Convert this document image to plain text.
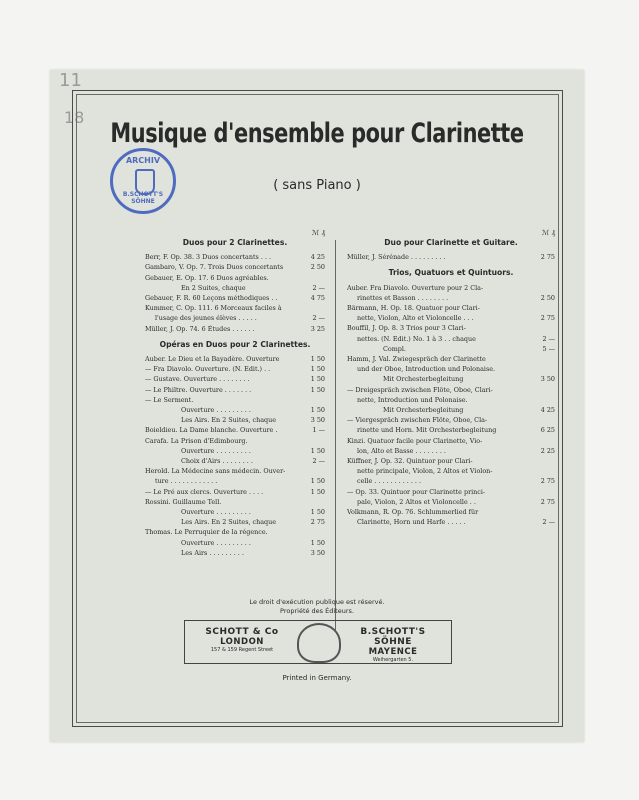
11
18
Musique d'ensemble pour Clarinette
( sans Piano )
ARCHIV
B.SCHOTT'S SÖHNE
ℳ ₰
Duos pour 2 Clarinettes.
Berr, F. Op. 38. 3 Duos concertants . . .	4 25
Gambaro, V. Op. 7. Trois Duos concertants	2 50
Gebauer, E. Op. 17. 6 Duos agréables.
En 2 Suites, chaque	2 —
Gebauer, F. R. 60 Leçons méthodiques . .	4 75
Kummer, C. Op. 111. 6 Morceaux faciles à
l'usage des jeunes élèves . . . . .	2 —
Müller, J. Op. 74. 6 Études . . . . . .	3 25
Opéras en Duos pour 2 Clarinettes.
Auber. Le Dieu et la Bayadère. Ouverture	1 50
— Fra Diavolo. Ouverture. (N. Edit.) . .	1 50
— Gustave. Ouverture . . . . . . . .	1 50
— Le Philtre. Ouverture . . . . . . .	1 50
— Le Serment.
Ouverture . . . . . . . . .	1 50
Les Airs. En 2 Suites, chaque	3 50
Boieldieu. La Dame blanche. Ouverture .	1 —
Carafa. La Prison d'Edimbourg.
Ouverture . . . . . . . . .	1 50
Choix d'Airs . . . . . . . .	2 —
Herold. La Médecine sans médecin. Ouver-
ture . . . . . . . . . . . .	1 50
— Le Pré aux clercs. Ouverture . . . .	1 50
Rossini. Guillaume Tell.
Ouverture . . . . . . . . .	1 50
Les Airs. En 2 Suites, chaque	2 75
Thomas. Le Perruquier de la régence.
Ouverture . . . . . . . . .	1 50
Les Airs . . . . . . . . .	3 50
ℳ ₰
Duo pour Clarinette et Guitare.
Müller, J. Sérénade . . . . . . . . .	2 75
Trios, Quatuors et Quintuors.
Auber. Fra Diavolo. Ouverture pour 2 Cla-
rinettes et Basson . . . . . . . .	2 50
Bärmann, H. Op. 18. Quatuor pour Clari-
nette, Violon, Alto et Violoncelle . . .	2 75
Bouffil, J. Op. 8. 3 Trios pour 3 Clari-
nettes. (N. Edit.) No. 1 à 3 . . chaque	2 —
Compl.	5 —
Hamm, J. Val. Zwiegespräch der Clarinette
und der Oboe, Introduction und Polonaise.
Mit Orchesterbegleitung	3 50
— Dreigespräch zwischen Flöte, Oboe, Clari-
nette, Introduction und Polonaise.
Mit Orchesterbegleitung	4 25
— Viergespräch zwischen Flöte, Oboe, Cla-
rinette und Horn. Mit Orchesterbegleitung	6 25
Kinzi. Quatuor facile pour Clarinette, Vio-
lon, Alto et Basse . . . . . . . .	2 25
Küffner, J. Op. 32. Quintuor pour Clari-
nette principale, Violon, 2 Altos et Violon-
celle . . . . . . . . . . . .	2 75
— Op. 33. Quintuor pour Clarinette princi-
pale, Violon, 2 Altos et Violoncelle . .	2 75
Volkmann, R. Op. 76. Schlummerlied für
Clarinette, Horn und Harfe . . . . .	2 —
Le droit d'exécution publique est réservé.
Propriété des Éditeurs.
SCHOTT & Co
LONDON
157 & 159 Regent Street
B.SCHOTT'S SÖHNE
MAYENCE
Weihergarten 5.
Printed in Germany.
